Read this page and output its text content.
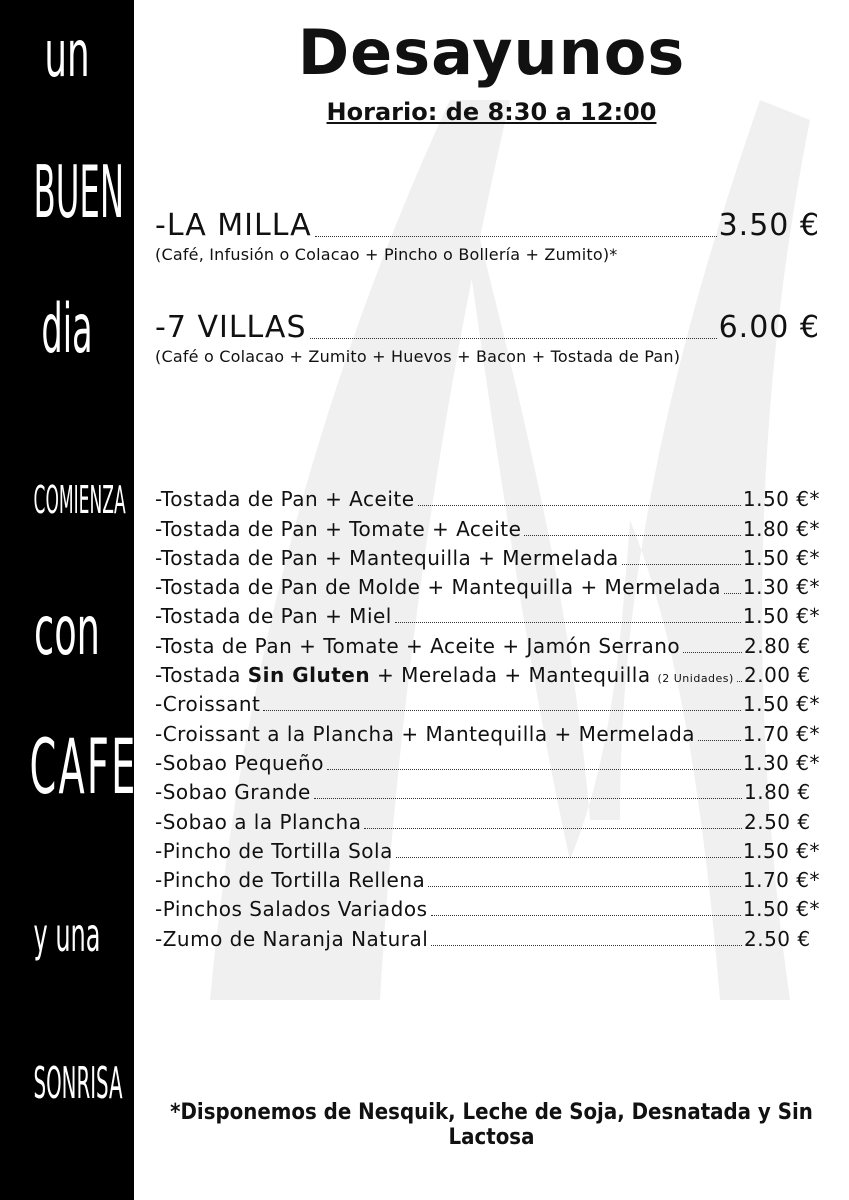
un
BUEN
dia
COMIENZA
con
CAFE
y una
SONRISA
Desayunos
Horario: de 8:30 a 12:00
-LA MILLA	3.50 €
(Café, Infusión o Colacao + Pincho o Bollería + Zumito)*
-7 VILLAS	6.00 €
(Café o Colacao + Zumito + Huevos + Bacon + Tostada de Pan)
-Tostada de Pan + Aceite	1.50 €*
-Tostada de Pan + Tomate + Aceite	1.80 €*
-Tostada de Pan + Mantequilla + Mermelada	1.50 €*
-Tostada de Pan de Molde + Mantequilla + Mermelada 1.30 €*
-Tostada de Pan + Miel	1.50 €*
-Tosta de Pan + Tomate + Aceite + Jamón Serrano	2.80 €
-Tostada Sin Gluten + Merelada + Mantequilla (2 Unidades) 2.00 €
-Croissant	1.50 €*
-Croissant a la Plancha + Mantequilla + Mermelada 1.70 €*
-Sobao Pequeño	1.30 €*
-Sobao Grande	1.80 €
-Sobao a la Plancha	2.50 €
-Pincho de Tortilla Sola	1.50 €*
-Pincho de Tortilla Rellena	1.70 €*
-Pinchos Salados Variados	1.50 €*
-Zumo de Naranja Natural	2.50 €
*Disponemos de Nesquik, Leche de Soja, Desnatada y Sin Lactosa
